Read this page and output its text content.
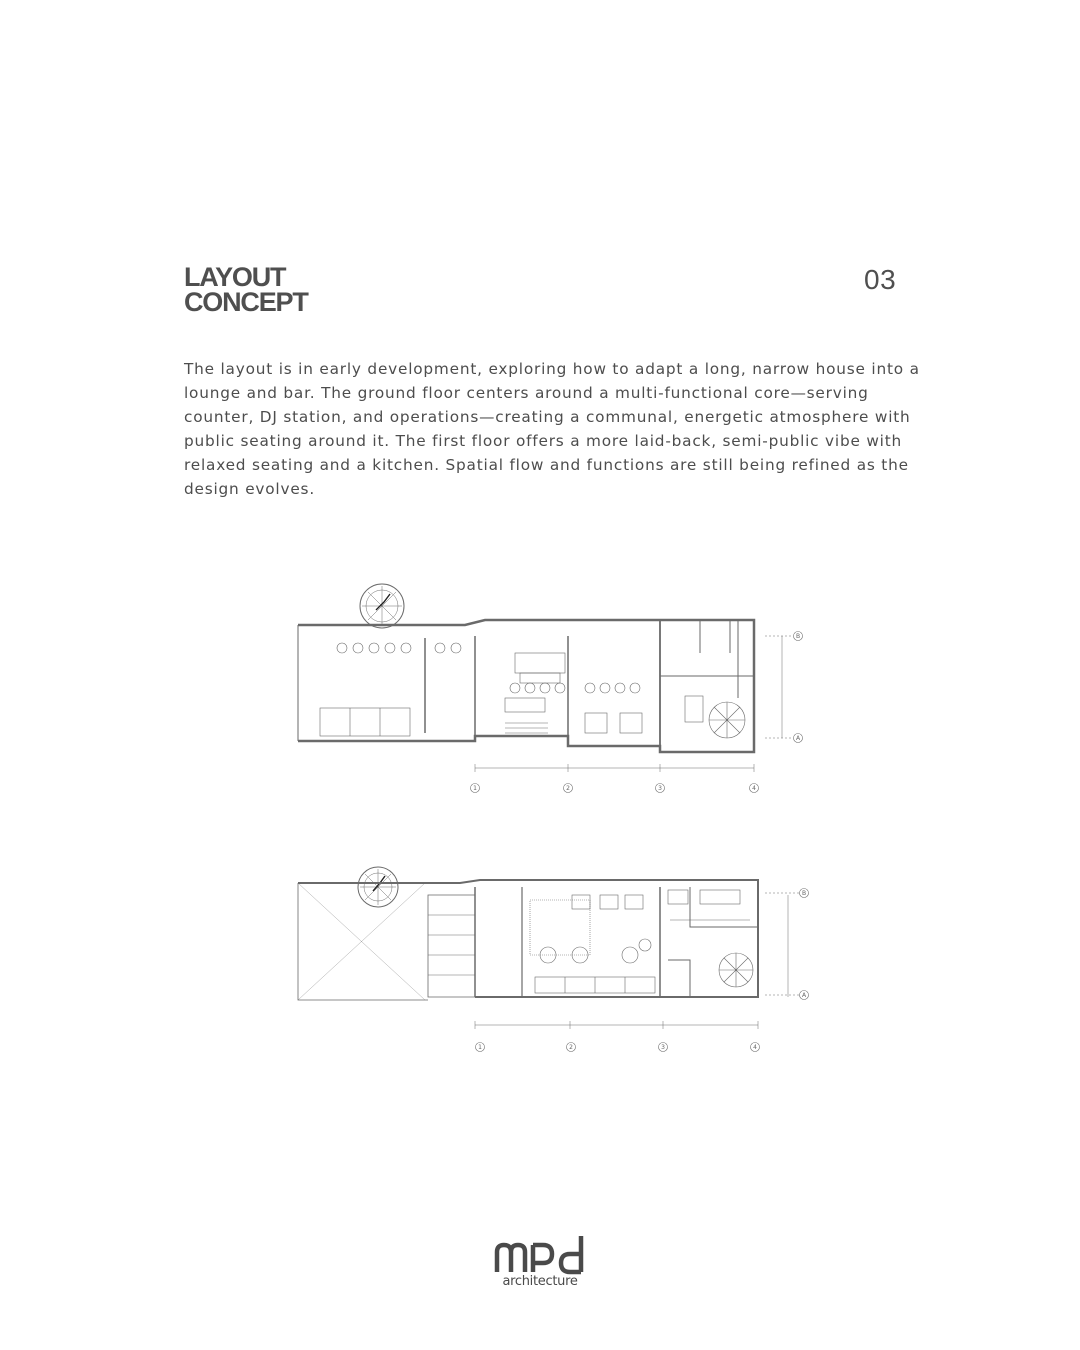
LAYOUT
CONCEPT
03

The layout is in early development, exploring how to adapt a long, narrow house into a lounge and bar. The ground floor centers around a multi-functional core—serving counter, DJ station, and operations—creating a communal, energetic atmosphere with public seating around it. The first floor offers a more laid-back, semi-public vibe with relaxed seating and a kitchen. Spatial flow and functions are still being refined as the design evolves.

1	2	3	4
B
A
1	2	3	4
B
A
architecture
